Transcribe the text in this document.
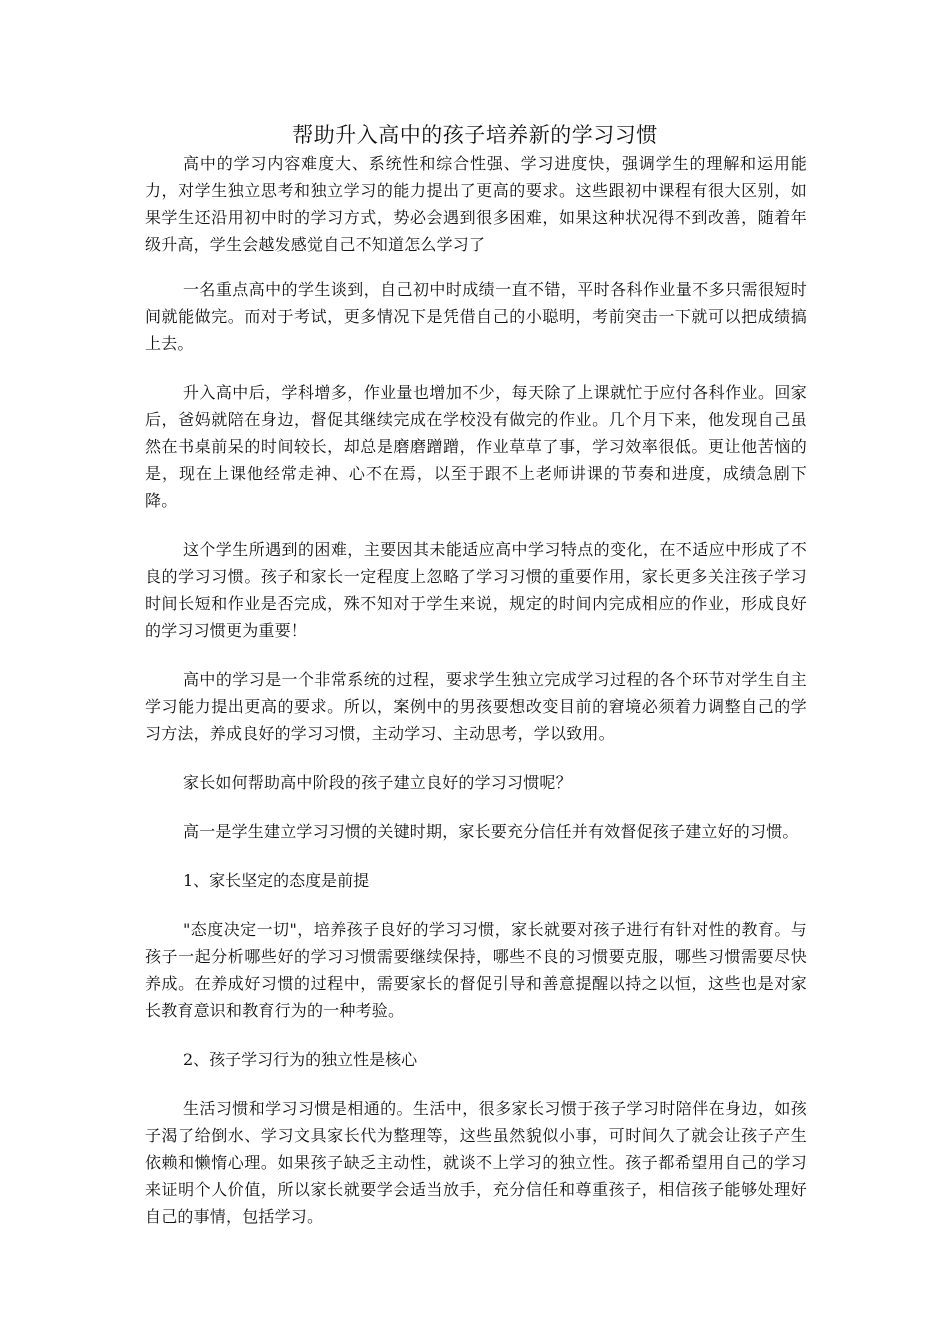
帮助升入高中的孩子培养新的学习习惯

高中的学习内容难度大、系统性和综合性强、学习进度快，强调学生的理解和运用能力，对学生独立思考和独立学习的能力提出了更高的要求。这些跟初中课程有很大区别，如果学生还沿用初中时的学习方式，势必会遇到很多困难，如果这种状况得不到改善，随着年级升高，学生会越发感觉自己不知道怎么学习了

一名重点高中的学生谈到，自己初中时成绩一直不错，平时各科作业量不多只需很短时间就能做完。而对于考试，更多情况下是凭借自己的小聪明，考前突击一下就可以把成绩搞上去。

升入高中后，学科增多，作业量也增加不少，每天除了上课就忙于应付各科作业。回家后，爸妈就陪在身边，督促其继续完成在学校没有做完的作业。几个月下来，他发现自己虽然在书桌前呆的时间较长，却总是磨磨蹭蹭，作业草草了事，学习效率很低。更让他苦恼的是，现在上课他经常走神、心不在焉，以至于跟不上老师讲课的节奏和进度，成绩急剧下降。

这个学生所遇到的困难，主要因其未能适应高中学习特点的变化，在不适应中形成了不良的学习习惯。孩子和家长一定程度上忽略了学习习惯的重要作用，家长更多关注孩子学习时间长短和作业是否完成，殊不知对于学生来说，规定的时间内完成相应的作业，形成良好的学习习惯更为重要！

高中的学习是一个非常系统的过程，要求学生独立完成学习过程的各个环节对学生自主学习能力提出更高的要求。所以，案例中的男孩要想改变目前的窘境必须着力调整自己的学习方法，养成良好的学习习惯，主动学习、主动思考，学以致用。

家长如何帮助高中阶段的孩子建立良好的学习习惯呢？

高一是学生建立学习习惯的关键时期，家长要充分信任并有效督促孩子建立好的习惯。

1、家长坚定的态度是前提

"态度决定一切"，培养孩子良好的学习习惯，家长就要对孩子进行有针对性的教育。与孩子一起分析哪些好的学习习惯需要继续保持，哪些不良的习惯要克服，哪些习惯需要尽快养成。在养成好习惯的过程中，需要家长的督促引导和善意提醒以持之以恒，这些也是对家长教育意识和教育行为的一种考验。

2、孩子学习行为的独立性是核心

生活习惯和学习习惯是相通的。生活中，很多家长习惯于孩子学习时陪伴在身边，如孩子渴了给倒水、学习文具家长代为整理等，这些虽然貌似小事，可时间久了就会让孩子产生依赖和懒惰心理。如果孩子缺乏主动性，就谈不上学习的独立性。孩子都希望用自己的学习来证明个人价值，所以家长就要学会适当放手，充分信任和尊重孩子，相信孩子能够处理好自己的事情，包括学习。
